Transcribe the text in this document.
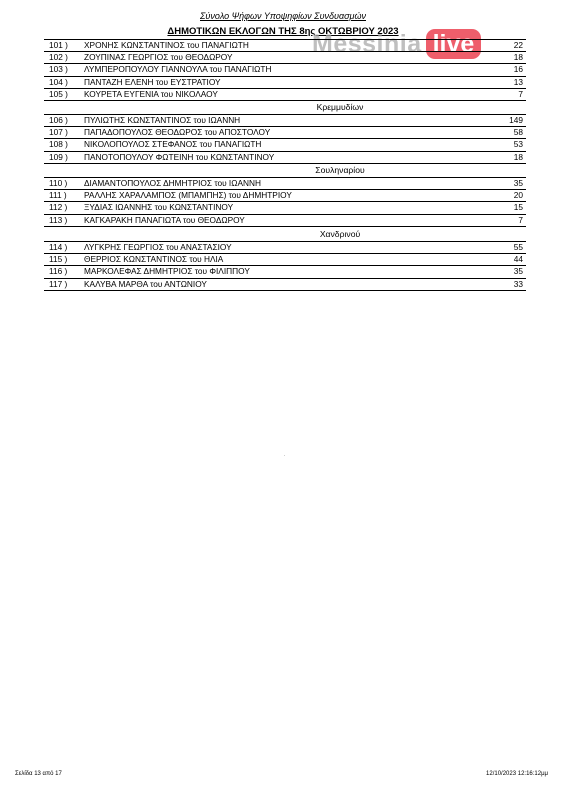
Σύνολο Ψήφων Υποψηφίων Συνδυασμών
ΔΗΜΟΤΙΚΩΝ ΕΚΛΟΓΩΝ ΤΗΣ 8ης ΟΚΤΩΒΡΙΟΥ 2023
Messinia live
101 ) ΧΡΟΝΗΣ ΚΩΝΣΤΑΝΤΙΝΟΣ του ΠΑΝΑΓΙΩΤΗ	22
102 ) ΖΟΥΠΙΝΑΣ ΓΕΩΡΓΙΟΣ του ΘΕΟΔΩΡΟΥ	18
103 ) ΛΥΜΠΕΡΟΠΟΥΛΟΥ ΓΙΑΝΝΟΥΛΑ του ΠΑΝΑΓΙΩΤΗ	16
104 ) ΠΑΝΤΑΖΗ ΕΛΕΝΗ του ΕΥΣΤΡΑΤΙΟΥ	13
105 ) ΚΟΥΡΕΤΑ ΕΥΓΕΝΙΑ του ΝΙΚΟΛΑΟΥ	7
Κρεμμυδίων
106 ) ΠΥΛΙΩΤΗΣ ΚΩΝΣΤΑΝΤΙΝΟΣ του ΙΩΑΝΝΗ	149
107 ) ΠΑΠΑΔΟΠΟΥΛΟΣ ΘΕΟΔΩΡΟΣ του ΑΠΟΣΤΟΛΟΥ	58
108 ) ΝΙΚΟΛΟΠΟΥΛΟΣ ΣΤΕΦΑΝΟΣ του ΠΑΝΑΓΙΩΤΗ	53
109 ) ΠΑΝΟΤΟΠΟΥΛΟΥ ΦΩΤΕΙΝΗ του ΚΩΝΣΤΑΝΤΙΝΟΥ	18
Σουληναρίου
110 ) ΔΙΑΜΑΝΤΟΠΟΥΛΟΣ ΔΗΜΗΤΡΙΟΣ του ΙΩΑΝΝΗ	35
111 ) ΡΑΛΛΗΣ ΧΑΡΑΛΑΜΠΟΣ (ΜΠΑΜΠΗΣ) του ΔΗΜΗΤΡΙΟΥ	20
112 ) ΞΥΔΙΑΣ ΙΩΑΝΝΗΣ του ΚΩΝΣΤΑΝΤΙΝΟΥ	15
113 ) ΚΑΓΚΑΡΑΚΗ ΠΑΝΑΓΙΩΤΑ του ΘΕΟΔΩΡΟΥ	7
Χανδρινού
114 ) ΛΥΓΚΡΗΣ ΓΕΩΡΓΙΟΣ του ΑΝΑΣΤΑΣΙΟΥ	55
115 ) ΘΕΡΡΙΟΣ ΚΩΝΣΤΑΝΤΙΝΟΣ του ΗΛΙΑ	44
116 ) ΜΑΡΚΟΛΕΦΑΣ ΔΗΜΗΤΡΙΟΣ του ΦΙΛΙΠΠΟΥ	35
117 ) ΚΑΛΥΒΑ ΜΑΡΘΑ του ΑΝΤΩΝΙΟΥ	33
Σελίδα 13 από 17	12/10/2023 12:16:12μμ
